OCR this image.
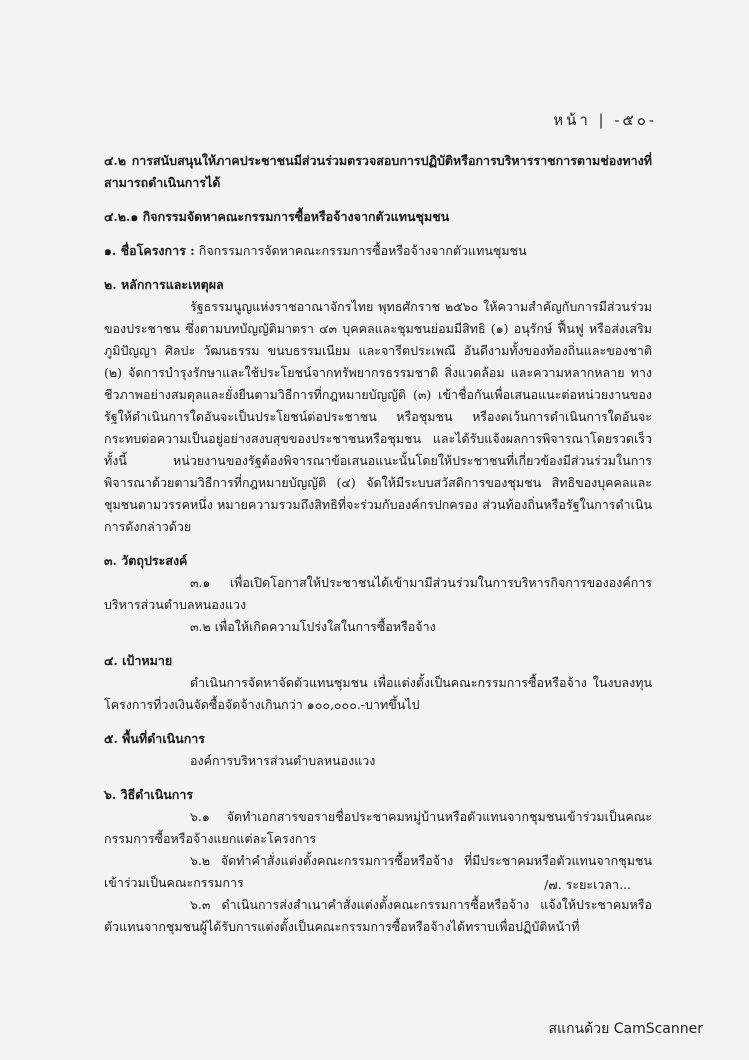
หน้า | -๕๐-

๔.๒ การสนับสนุนให้ภาคประชาชนมีส่วนร่วมตรวจสอบการปฏิบัติหรือการบริหารราชการตามช่องทางที่สามารถดำเนินการได้

๔.๒.๑ กิจกรรมจัดหาคณะกรรมการซื้อหรือจ้างจากตัวแทนชุมชน

๑. ชื่อโครงการ : กิจกรรมการจัดหาคณะกรรมการซื้อหรือจ้างจากตัวแทนชุมชน

๒. หลักการและเหตุผล

รัฐธรรมนูญแห่งราชอาณาจักรไทย พุทธศักราช ๒๕๖๐ ให้ความสำคัญกับการมีส่วนร่วมของประชาชน ซึ่งตามบทบัญญัติมาตรา ๔๓ บุคคลและชุมชนย่อมมีสิทธิ (๑) อนุรักษ์ ฟื้นฟู หรือส่งเสริมภูมิปัญญา ศิลปะ วัฒนธรรม ขนบธรรมเนียม และจารีตประเพณี อันดีงามทั้งของท้องถิ่นและของชาติ (๒) จัดการบำรุงรักษาและใช้ประโยชน์จากทรัพยากรธรรมชาติ สิ่งแวดล้อม และความหลากหลาย ทางชีวภาพอย่างสมดุลและยั่งยืนตามวิธีการที่กฎหมายบัญญัติ (๓) เข้าชื่อกันเพื่อเสนอแนะต่อหน่วยงานของรัฐให้ดำเนินการใดอันจะเป็นประโยชน์ต่อประชาชน หรือชุมชน หรืองดเว้นการดำเนินการใดอันจะกระทบต่อความเป็นอยู่อย่างสงบสุขของประชาชนหรือชุมชน และได้รับแจ้งผลการพิจารณาโดยรวดเร็ว ทั้งนี้ หน่วยงานของรัฐต้องพิจารณาข้อเสนอแนะนั้นโดยให้ประชาชนที่เกี่ยวข้องมีส่วนร่วมในการพิจารณาด้วยตามวิธีการที่กฎหมายบัญญัติ (๔) จัดให้มีระบบสวัสดิการของชุมชน สิทธิของบุคคลและชุมชนตามวรรคหนึ่ง หมายความรวมถึงสิทธิที่จะร่วมกับองค์กรปกครอง ส่วนท้องถิ่นหรือรัฐในการดำเนินการดังกล่าวด้วย

๓. วัตถุประสงค์

๓.๑ เพื่อเปิดโอกาสให้ประชาชนได้เข้ามามีส่วนร่วมในการบริหารกิจการขององค์การบริหารส่วนตำบลหนองแวง

๓.๒ เพื่อให้เกิดความโปร่งใสในการซื้อหรือจ้าง

๔. เป้าหมาย

ดำเนินการจัดหาจัดตัวแทนชุมชน เพื่อแต่งตั้งเป็นคณะกรรมการซื้อหรือจ้าง ในงบลงทุนโครงการที่วงเงินจัดซื้อจัดจ้างเกินกว่า ๑๐๐,๐๐๐.-บาทขึ้นไป

๕. พื้นที่ดำเนินการ

องค์การบริหารส่วนตำบลหนองแวง

๖. วิธีดำเนินการ

๖.๑ จัดทำเอกสารขอรายชื่อประชาคมหมู่บ้านหรือตัวแทนจากชุมชนเข้าร่วมเป็นคณะกรรมการซื้อหรือจ้างแยกแต่ละโครงการ

๖.๒ จัดทำคำสั่งแต่งตั้งคณะกรรมการซื้อหรือจ้าง ที่มีประชาคมหรือตัวแทนจากชุมชนเข้าร่วมเป็นคณะกรรมการ

๖.๓ ดำเนินการส่งสำเนาคำสั่งแต่งตั้งคณะกรรมการซื้อหรือจ้าง แจ้งให้ประชาคมหรือตัวแทนจากชุมชนผู้ได้รับการแต่งตั้งเป็นคณะกรรมการซื้อหรือจ้างได้ทราบเพื่อปฏิบัติหน้าที่

/๗. ระยะเวลา...
สแกนด้วย CamScanner
